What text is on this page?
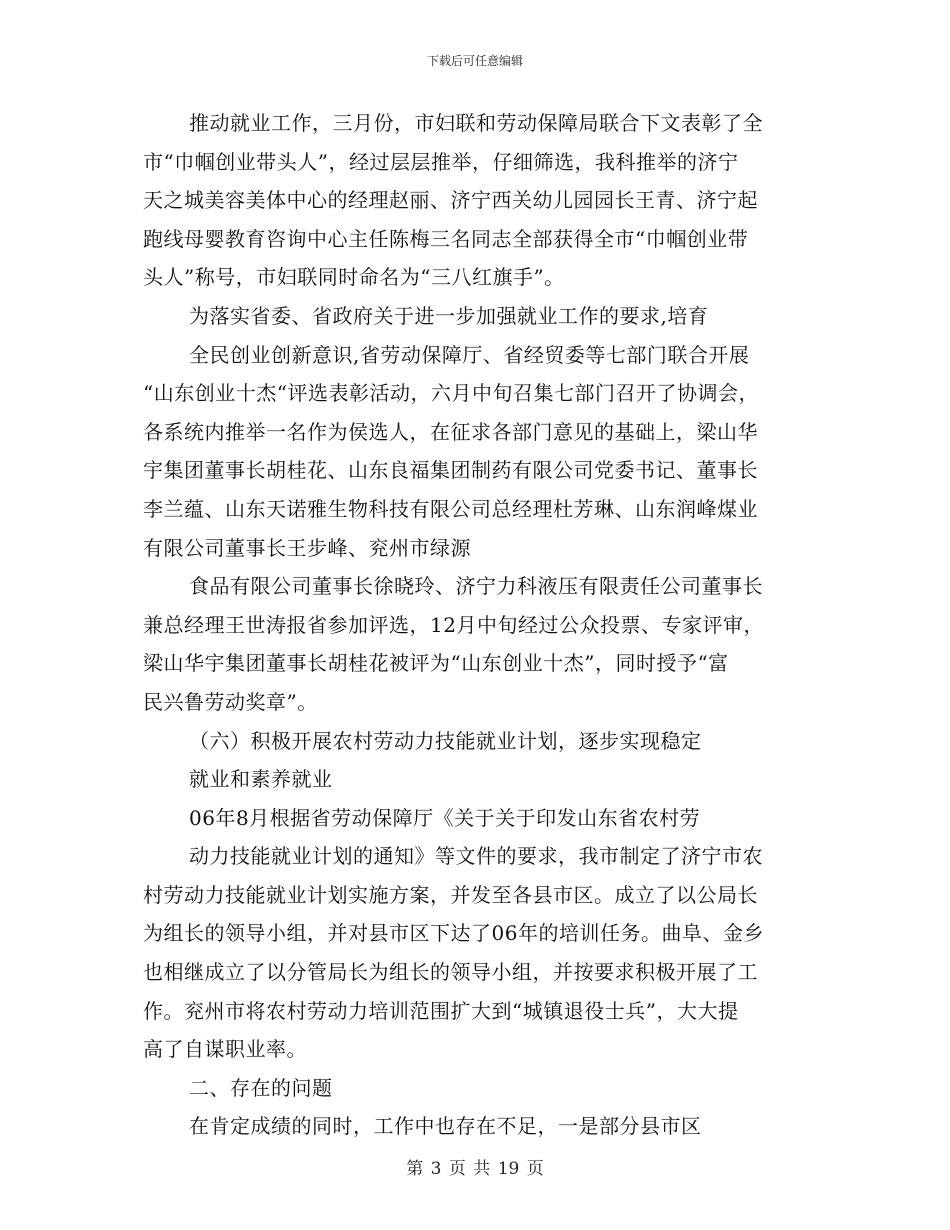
下载后可任意编辑
推动就业工作，三月份，市妇联和劳动保障局联合下文表彰了全
市“巾帼创业带头人”，经过层层推举，仔细筛选，我科推举的济宁
天之城美容美体中心的经理赵丽、济宁西关幼儿园园长王青、济宁起
跑线母婴教育咨询中心主任陈梅三名同志全部获得全市“巾帼创业带
头人”称号，市妇联同时命名为“三八红旗手”。
为落实省委、省政府关于进一步加强就业工作的要求,培育
全民创业创新意识,省劳动保障厅、省经贸委等七部门联合开展
“山东创业十杰“评选表彰活动，六月中旬召集七部门召开了协调会，
各系统内推举一名作为侯选人，在征求各部门意见的基础上，梁山华
宇集团董事长胡桂花、山东良福集团制药有限公司党委书记、董事长
李兰蕴、山东天诺雅生物科技有限公司总经理杜芳琳、山东润峰煤业
有限公司董事长王步峰、兖州市绿源
食品有限公司董事长徐晓玲、济宁力科液压有限责任公司董事长
兼总经理王世涛报省参加评选，12月中旬经过公众投票、专家评审，
梁山华宇集团董事长胡桂花被评为“山东创业十杰”，同时授予“富
民兴鲁劳动奖章”。
（六）积极开展农村劳动力技能就业计划，逐步实现稳定
就业和素养就业
06年8月根据省劳动保障厅《关于关于印发山东省农村劳
动力技能就业计划的通知》等文件的要求，我市制定了济宁市农
村劳动力技能就业计划实施方案，并发至各县市区。成立了以公局长
为组长的领导小组，并对县市区下达了06年的培训任务。曲阜、金乡
也相继成立了以分管局长为组长的领导小组，并按要求积极开展了工
作。兖州市将农村劳动力培训范围扩大到“城镇退役士兵”，大大提
高了自谋职业率。
二、存在的问题
在肯定成绩的同时，工作中也存在不足，一是部分县市区
第 3 页 共 19 页
